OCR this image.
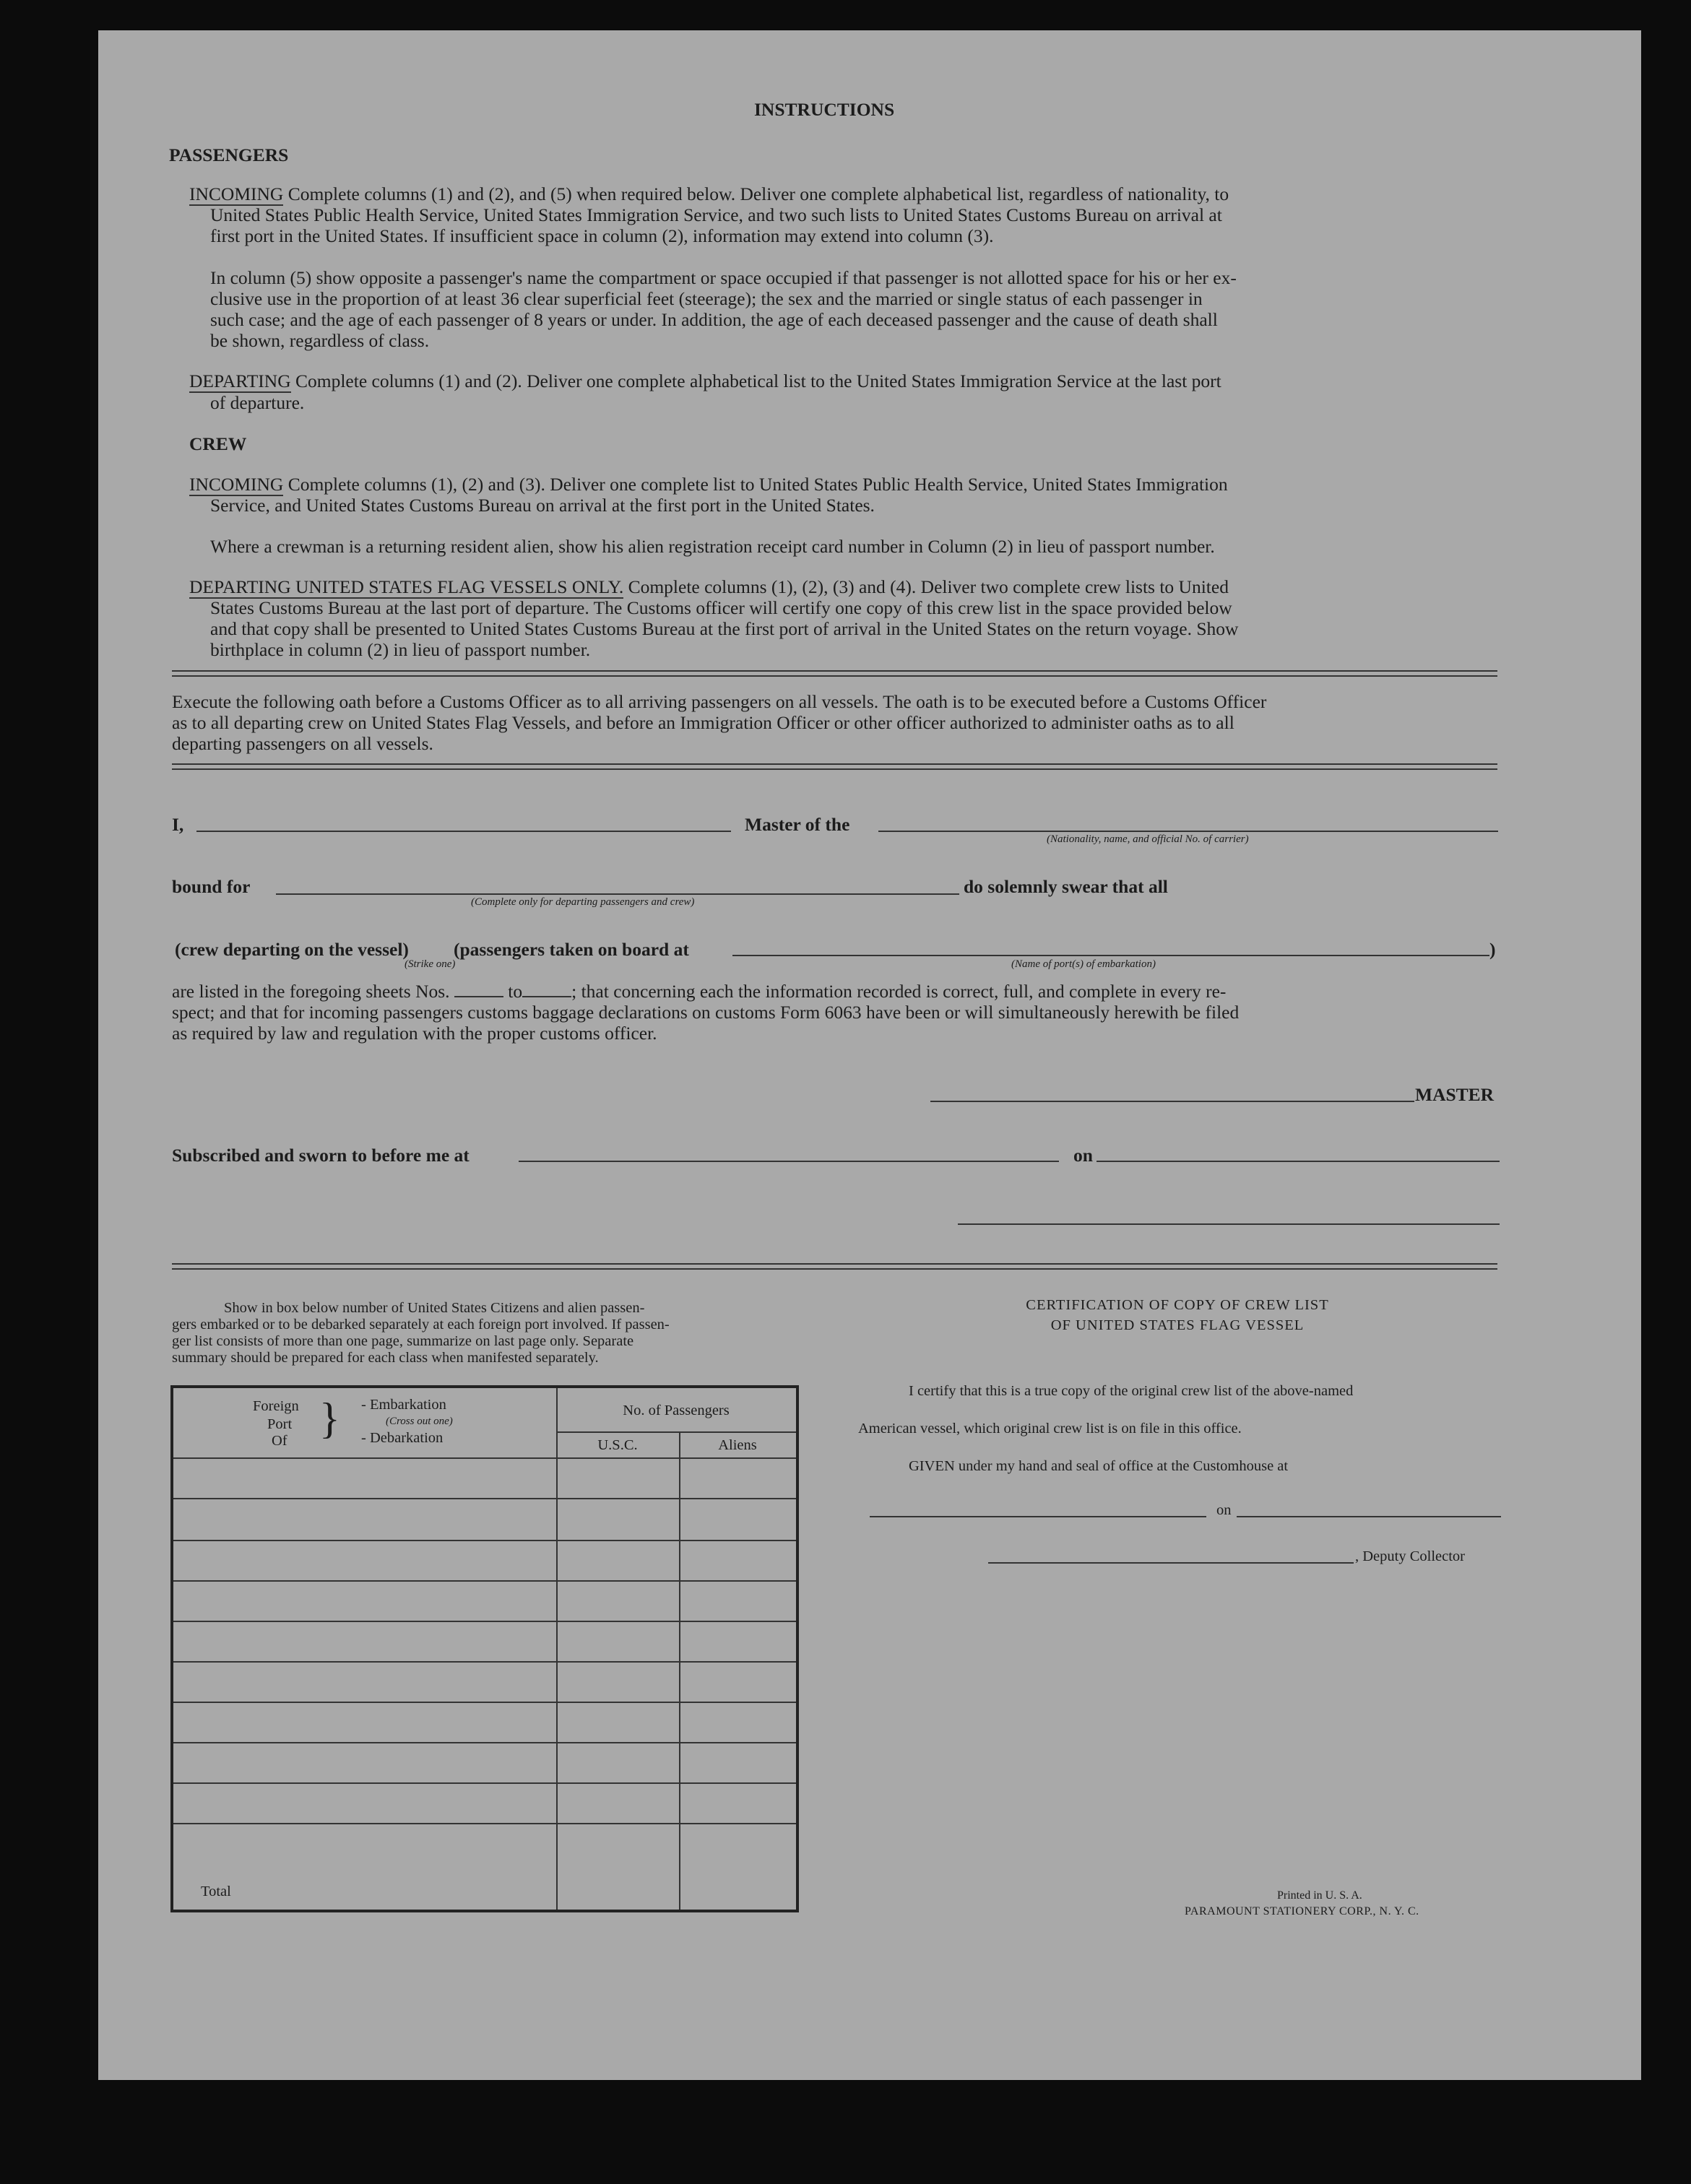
INSTRUCTIONS
PASSENGERS
INCOMING Complete columns (1) and (2), and (5) when required below. Deliver one complete alphabetical list, regardless of nationality, to
United States Public Health Service, United States Immigration Service, and two such lists to United States Customs Bureau on arrival at
first port in the United States. If insufficient space in column (2), information may extend into column (3).
In column (5) show opposite a passenger's name the compartment or space occupied if that passenger is not allotted space for his or her ex-
clusive use in the proportion of at least 36 clear superficial feet (steerage); the sex and the married or single status of each passenger in
such case; and the age of each passenger of 8 years or under. In addition, the age of each deceased passenger and the cause of death shall
be shown, regardless of class.
DEPARTING Complete columns (1) and (2). Deliver one complete alphabetical list to the United States Immigration Service at the last port
of departure.
CREW
INCOMING Complete columns (1), (2) and (3). Deliver one complete list to United States Public Health Service, United States Immigration
Service, and United States Customs Bureau on arrival at the first port in the United States.
Where a crewman is a returning resident alien, show his alien registration receipt card number in Column (2) in lieu of passport number.
DEPARTING UNITED STATES FLAG VESSELS ONLY. Complete columns (1), (2), (3) and (4). Deliver two complete crew lists to United
States Customs Bureau at the last port of departure. The Customs officer will certify one copy of this crew list in the space provided below
and that copy shall be presented to United States Customs Bureau at the first port of arrival in the United States on the return voyage. Show
birthplace in column (2) in lieu of passport number.
Execute the following oath before a Customs Officer as to all arriving passengers on all vessels. The oath is to be executed before a Customs Officer
as to all departing crew on United States Flag Vessels, and before an Immigration Officer or other officer authorized to administer oaths as to all
departing passengers on all vessels.
I,	Master of the
(Nationality, name, and official No. of carrier)
bound for
(Complete only for departing passengers and crew)
do solemnly swear that all
(crew departing on the vessel)
(Strike one)
(passengers taken on board at
(Name of port(s) of embarkation)
)
are listed in the foregoing sheets Nos.	to	; that concerning each the information recorded is correct, full, and complete in every re-
spect; and that for incoming passengers customs baggage declarations on customs Form 6063 have been or will simultaneously herewith be filed
as required by law and regulation with the proper customs officer.
MASTER
Subscribed and sworn to before me at	on
Show in box below number of United States Citizens and alien passen-
gers embarked or to be debarked separately at each foreign port involved. If passen-
ger list consists of more than one page, summarize on last page only. Separate
summary should be prepared for each class when manifested separately.
Foreign
Port
Of } - Embarkation
(Cross out one)
- Debarkation
No. of Passengers
U.S.C.	Aliens
Total
CERTIFICATION OF COPY OF CREW LIST
OF UNITED STATES FLAG VESSEL
I certify that this is a true copy of the original crew list of the above-named
American vessel, which original crew list is on file in this office.
GIVEN under my hand and seal of office at the Customhouse at
on
, Deputy Collector
Printed in U. S. A.
PARAMOUNT STATIONERY CORP., N. Y. C.
